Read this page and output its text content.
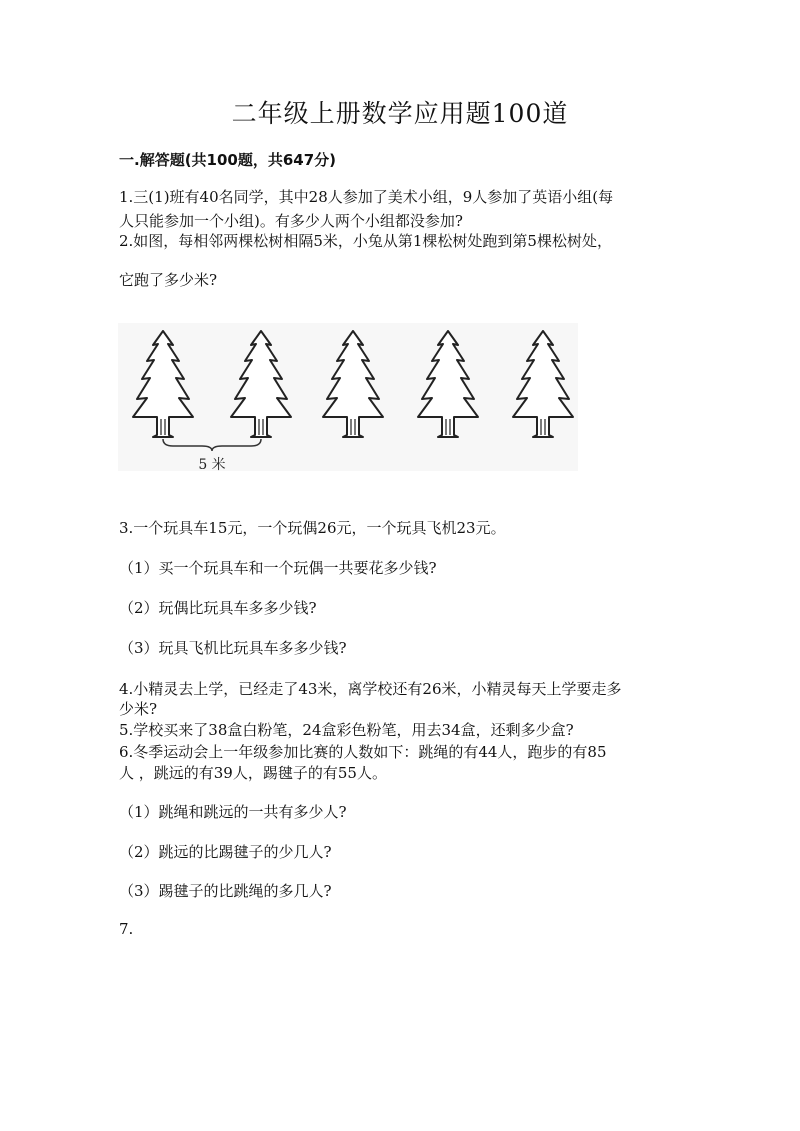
二年级上册数学应用题100道
一.解答题(共100题，共647分)
1.三(1)班有40名同学，其中28人参加了美术小组，9人参加了英语小组(每
人只能参加一个小组)。有多少人两个小组都没参加?
2.如图，每相邻两棵松树相隔5米，小兔从第1棵松树处跑到第5棵松树处，
它跑了多少米?
5 米
3.一个玩具车15元，一个玩偶26元，一个玩具飞机23元。
（1）买一个玩具车和一个玩偶一共要花多少钱?
（2）玩偶比玩具车多多少钱?
（3）玩具飞机比玩具车多多少钱?
4.小精灵去上学，已经走了43米，离学校还有26米，小精灵每天上学要走多
少米?
5.学校买来了38盒白粉笔，24盒彩色粉笔，用去34盒，还剩多少盒?
6.冬季运动会上一年级参加比赛的人数如下：跳绳的有44人，跑步的有85
人 ，跳远的有39人，踢毽子的有55人。
（1）跳绳和跳远的一共有多少人?
（2）跳远的比踢毽子的少几人?
（3）踢毽子的比跳绳的多几人?
7.
